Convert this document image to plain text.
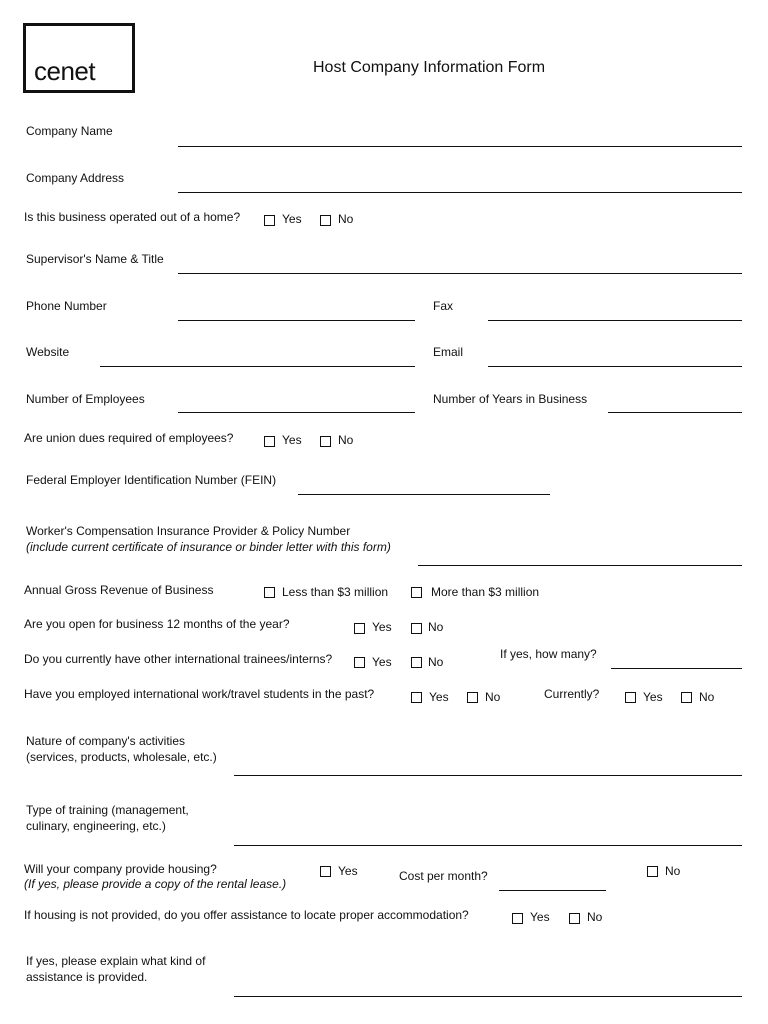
cenet	Host Company Information Form
Company Name
Company Address
Is this business operated out of a home?	Yes	No
Supervisor's Name & Title
Phone Number	Fax
Website	Email
Number of Employees	Number of Years in Business
Are union dues required of employees?	Yes	No
Federal Employer Identification Number (FEIN)
Worker's Compensation Insurance Provider & Policy Number
(include current certificate of insurance or binder letter with this form)
Annual Gross Revenue of Business	Less than $3 million	More than $3 million
Are you open for business 12 months of the year?	Yes	No
Do you currently have other international trainees/interns?	Yes	No
If yes, how many?
Have you employed international work/travel students in the past?	Yes	No	Currently?	Yes	No
Nature of company's activities
(services, products, wholesale, etc.)
Type of training (management,
culinary, engineering, etc.)
Will your company provide housing?
(If yes, please provide a copy of the rental lease.)
Yes	Cost per month?	No
If housing is not provided, do you offer assistance to locate proper accommodation?	Yes	No
If yes, please explain what kind of
assistance is provided.
